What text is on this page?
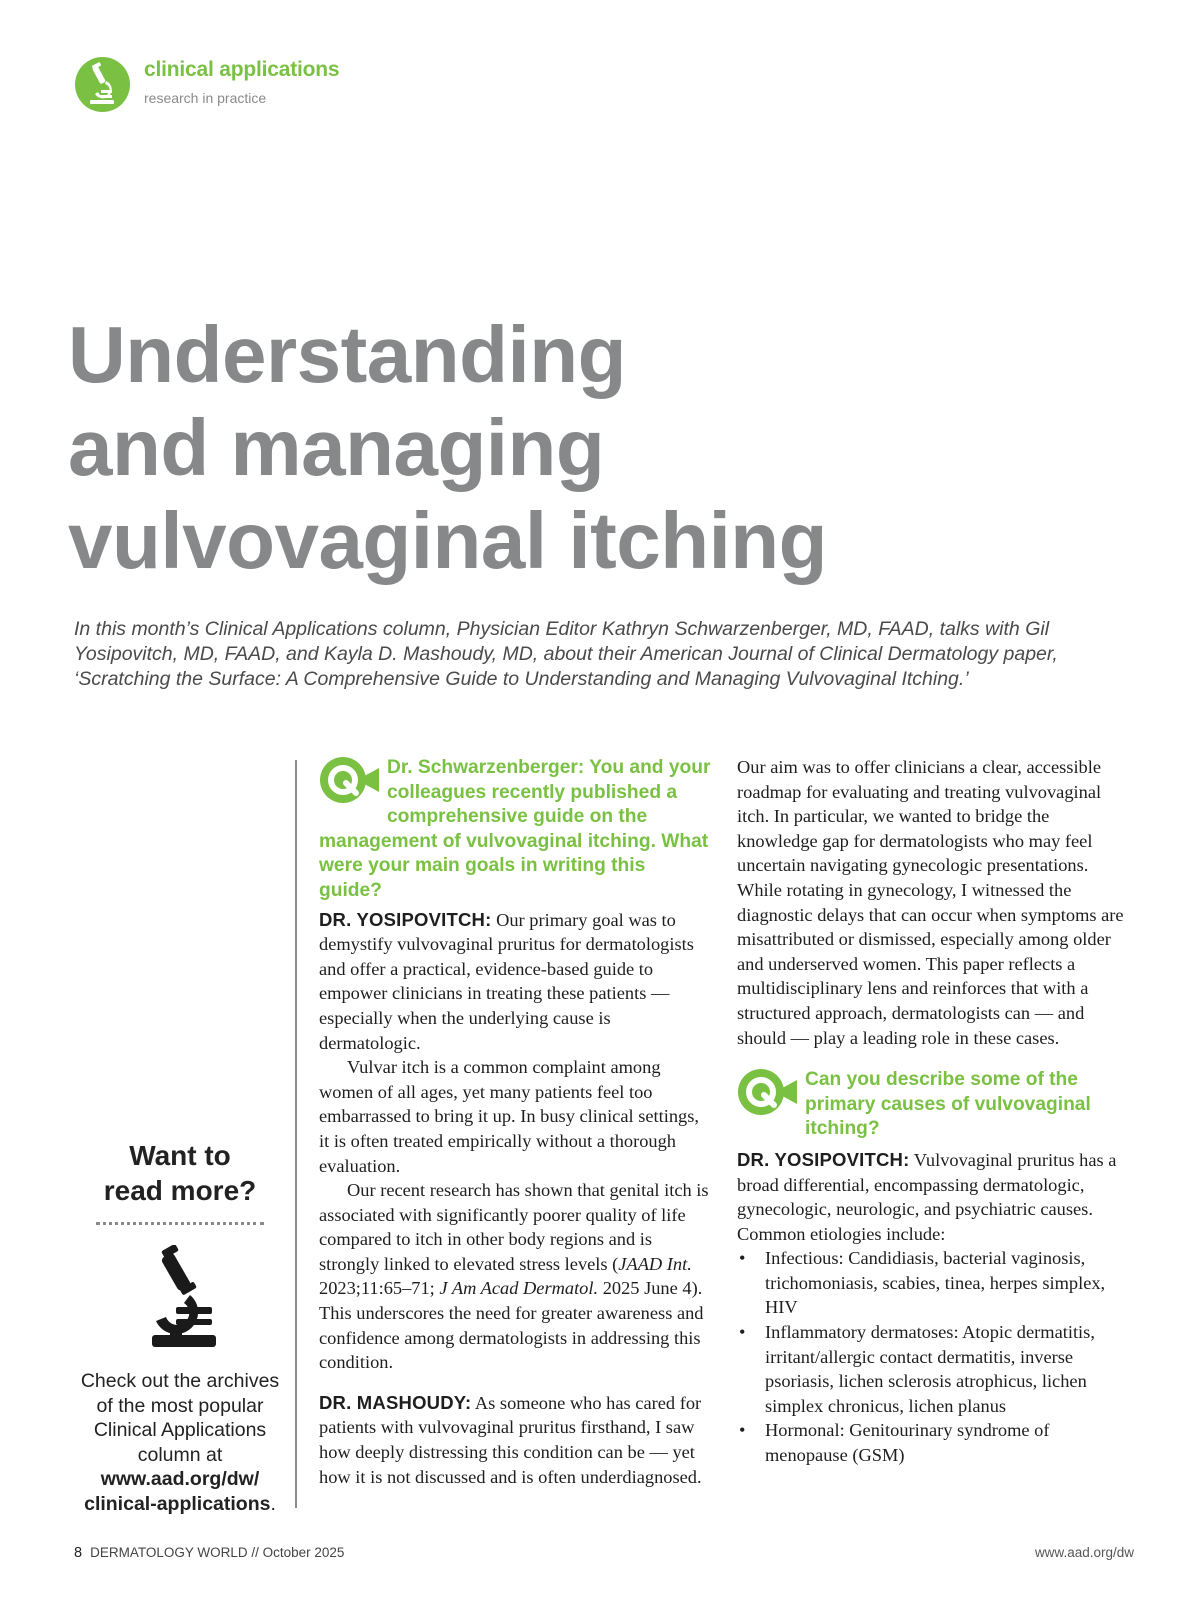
clinical applications
research in practice
Understanding
and managing
vulvovaginal itching

In this month’s Clinical Applications column, Physician Editor Kathryn Schwarzenberger, MD, FAAD, talks with Gil Yosipovitch, MD, FAAD, and Kayla D. Mashoudy, MD, about their American Journal of Clinical Dermatology paper, ‘Scratching the Surface: A Comprehensive Guide to Understanding and Managing Vulvovaginal Itching.’

Want to
read more?

Check out the archives of the most popular Clinical Applications column at www.aad.org/dw/ clinical-applications.

Dr. Schwarzenberger: You and your colleagues recently published a comprehensive guide on the management of vulvovaginal itching. What were your main goals in writing this guide?

DR. YOSIPOVITCH: Our primary goal was to demystify vulvovaginal pruritus for dermatologists and offer a practical, evidence-based guide to empower clinicians in treating these patients — especially when the underlying cause is dermatologic.

Vulvar itch is a common complaint among women of all ages, yet many patients feel too embarrassed to bring it up. In busy clinical settings, it is often treated empirically without a thorough evaluation.

Our recent research has shown that genital itch is associated with significantly poorer quality of life compared to itch in other body regions and is strongly linked to elevated stress levels (JAAD Int. 2023;11:65–71; J Am Acad Dermatol. 2025 June 4). This underscores the need for greater awareness and confidence among dermatologists in addressing this condition.

DR. MASHOUDY: As someone who has cared for patients with vulvovaginal pruritus firsthand, I saw how deeply distressing this condition can be — yet how it is not discussed and is often underdiagnosed.

Our aim was to offer clinicians a clear, accessible roadmap for evaluating and treating vulvovaginal itch. In particular, we wanted to bridge the knowledge gap for dermatologists who may feel uncertain navigating gynecologic presentations. While rotating in gynecology, I witnessed the diagnostic delays that can occur when symptoms are misattributed or dismissed, especially among older and underserved women. This paper reflects a multidisciplinary lens and reinforces that with a structured approach, dermatologists can — and should — play a leading role in these cases.

Can you describe some of the primary causes of vulvovaginal itching?

DR. YOSIPOVITCH: Vulvovaginal pruritus has a broad differential, encompassing dermatologic, gynecologic, neurologic, and psychiatric causes. Common etiologies include:

• Infectious: Candidiasis, bacterial vaginosis, trichomoniasis, scabies, tinea, herpes simplex, HIV
• Inflammatory dermatoses: Atopic dermatitis, irritant/allergic contact dermatitis, inverse psoriasis, lichen sclerosis atrophicus, lichen simplex chronicus, lichen planus
• Hormonal: Genitourinary syndrome of menopause (GSM)
8 DERMATOLOGY WORLD // October 2025	www.aad.org/dw
